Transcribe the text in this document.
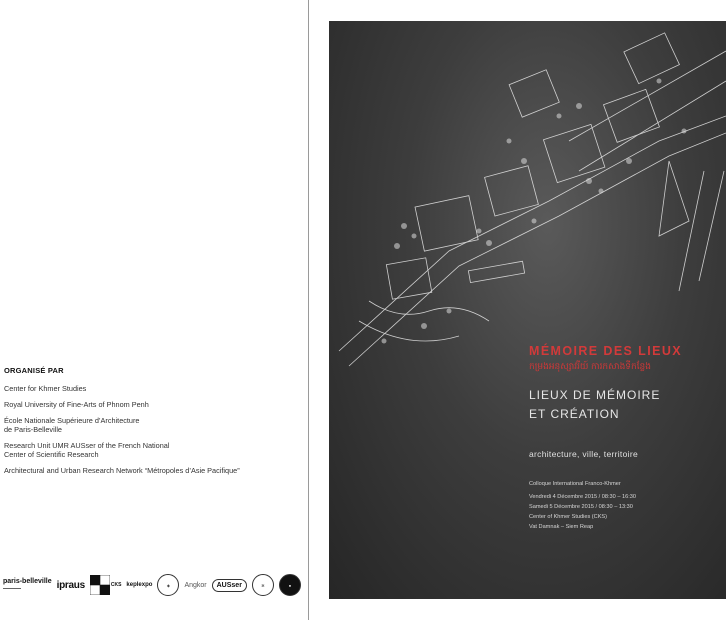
ORGANISÉ PAR
Center for Khmer Studies
Royal University of Fine-Arts of Phnom Penh
École Nationale Supérieure d’Architecture
de Paris-Belleville
Research Unit UMR AUSser of the French National
Center of Scientific Research
Architectural and Urban Research Network “Métropoles d’Asie Pacifique”
paris-belleville
▬▬▬▬▬▬	ipraus	CKS keplexpo	◈	Angkor	AUSser	✲	●
MÉMOIRE DES LIEUX
កម្រងអនុស្សាវរីយ៍ ការកសាងទីកន្លែង
LIEUX DE MÉMOIRE
ET CRÉATION
architecture, ville, territoire
Colloque International Franco-Khmer
Vendredi 4 Décembre 2015 / 08:30 – 16:30
Samedi 5 Décembre 2015 / 08:30 – 13:30
Center of Khmer Studies (CKS)
Vat Damnak – Siem Reap
